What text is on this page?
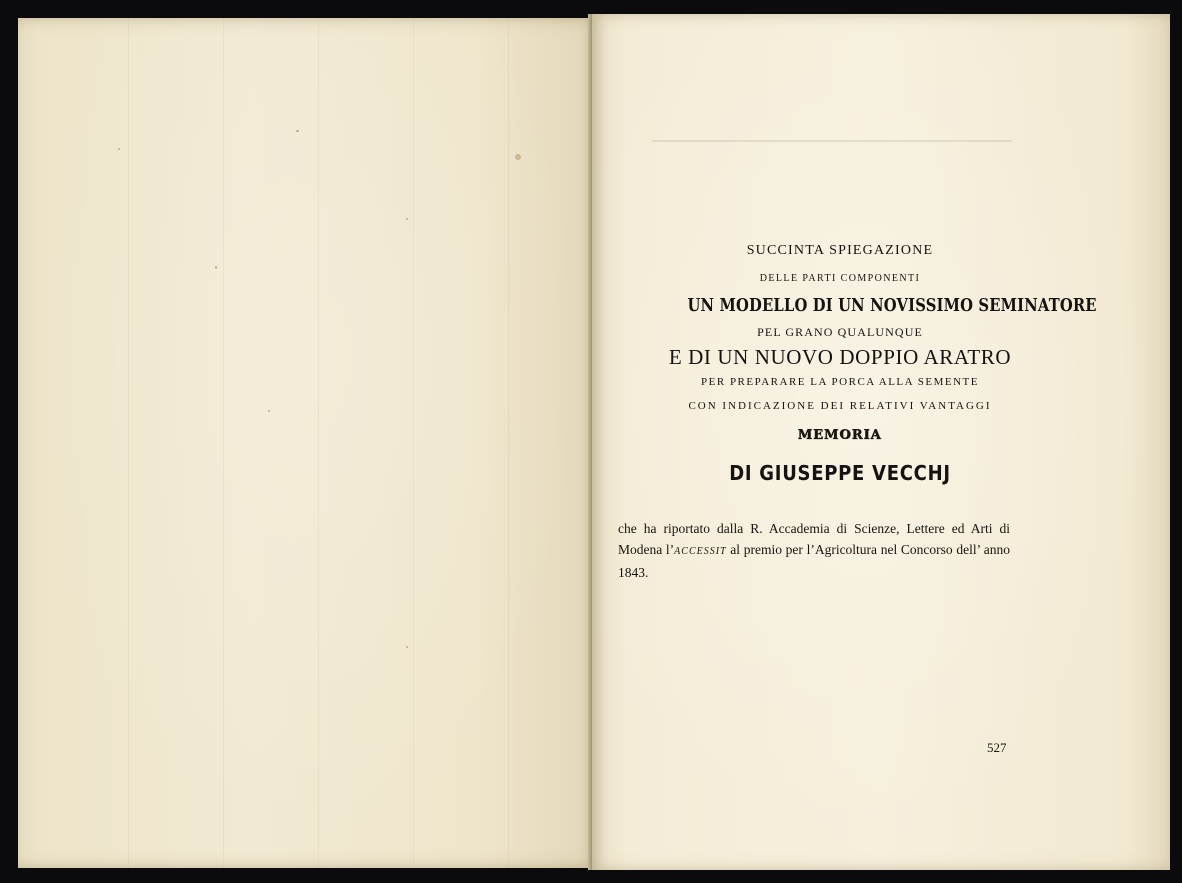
SUCCINTA SPIEGAZIONE
DELLE PARTI COMPONENTI
UN MODELLO DI UN NOVISSIMO SEMINATORE
PEL GRANO QUALUNQUE
E DI UN NUOVO DOPPIO ARATRO
PER PREPARARE LA PORCA ALLA SEMENTE
CON INDICAZIONE DEI RELATIVI VANTAGGI
MEMORIA
DI GIUSEPPE VECCHJ

che ha riportato dalla R. Accademia di Scienze, Lettere ed Arti di Modena l’ACCESSIT al premio per l’Agricoltura nel Concorso dell’ anno 1843.

527
